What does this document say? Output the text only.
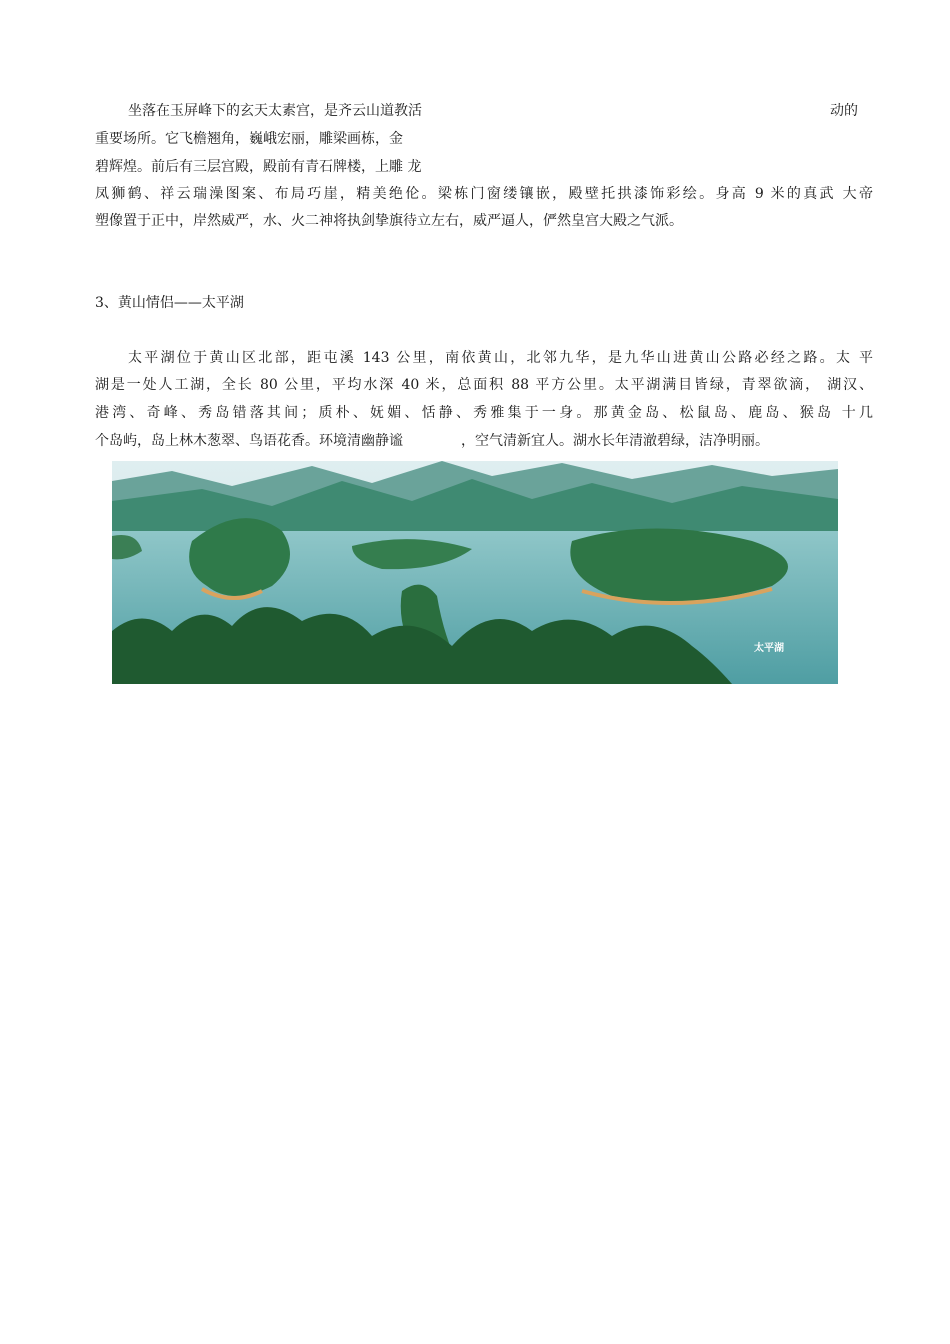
坐落在玉屏峰下的玄天太素宫，是齐云山道教活	动的
重要场所。它飞檐翘角，巍峨宏丽，雕梁画栋，金
碧辉煌。前后有三层宫殿，殿前有青石牌楼，上雕 龙
凤狮鹤、祥云瑞澡图案、布局巧崖，精美绝伦。梁栋门窗缕镶嵌，殿壁托拱漆饰彩绘。身高 9 米的真武 大帝
塑像置于正中，岸然威严，水、火二神将执剑挚旗待立左右，威严逼人，俨然皇宫大殿之气派。
3、黄山情侣——太平湖
太平湖位于黄山区北部，距屯溪 143 公里，南依黄山，北邻九华，是九华山进黄山公路必经之路。太 平
湖是一处人工湖，全长 80 公里，平均水深 40 米，总面积 88 平方公里。太平湖满目皆绿，青翠欲滴， 湖汉、
港湾、奇峰、秀岛错落其间；质朴、妩媚、恬静、秀雅集于一身。那黄金岛、松鼠岛、鹿岛、猴岛 十几
个岛屿，岛上林木葱翠、鸟语花香。环境清幽静谧	，空气清新宜人。湖水长年清澈碧绿，洁净明丽。
太平湖
